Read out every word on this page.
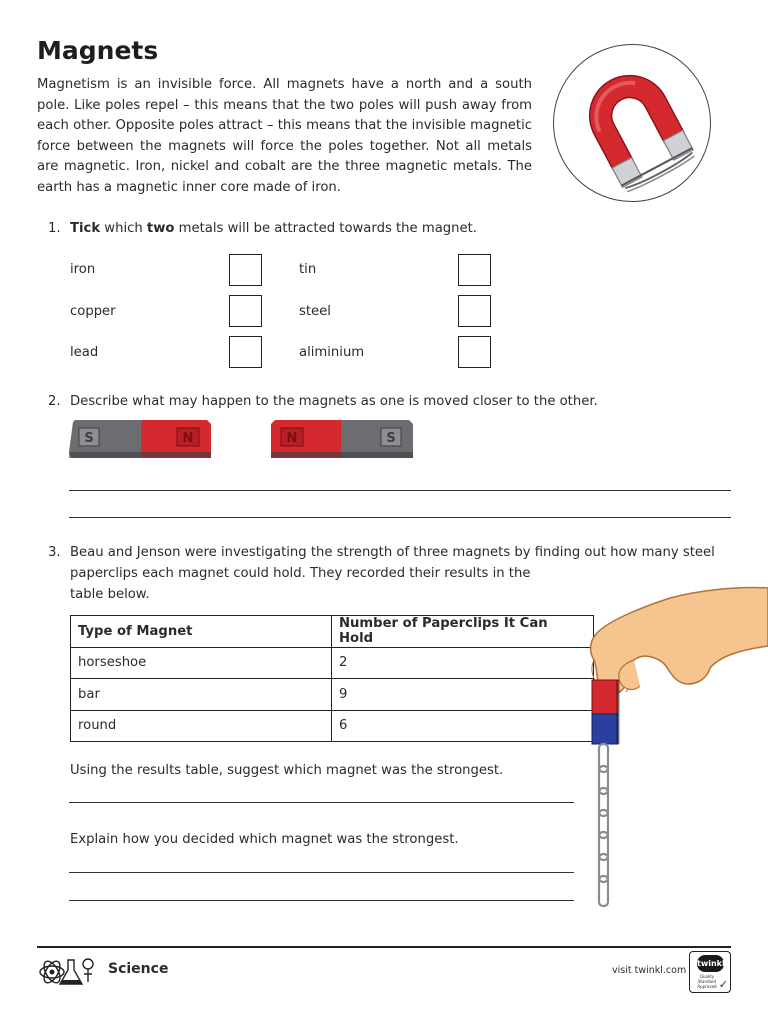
Magnets
Magnetism is an invisible force. All magnets have a north and a south pole. Like poles repel – this means that the two poles will push away from each other. Opposite poles attract – this means that the invisible magnetic force between the magnets will force the poles together. Not all metals are magnetic. Iron, nickel and cobalt are the three magnetic metals. The earth has a magnetic inner core made of iron.
1. Tick which two metals will be attracted towards the magnet.
iron	tin
copper	steel
lead	aliminium
2. Describe what may happen to the magnets as one is moved closer to the other.
S	N	N	S
3. Beau and Jenson were investigating the strength of three magnets by finding out how many steel
paperclips each magnet could hold. They recorded their results in the
table below.
Type of Magnet	Number of Paperclips It Can Hold
horseshoe	2
bar	9
round	6
Using the results table, suggest which magnet was the strongest.
Explain how you decided which magnet was the strongest.
Science	visit twinkl.com
twinkl
Quality Standard Approved ✓
